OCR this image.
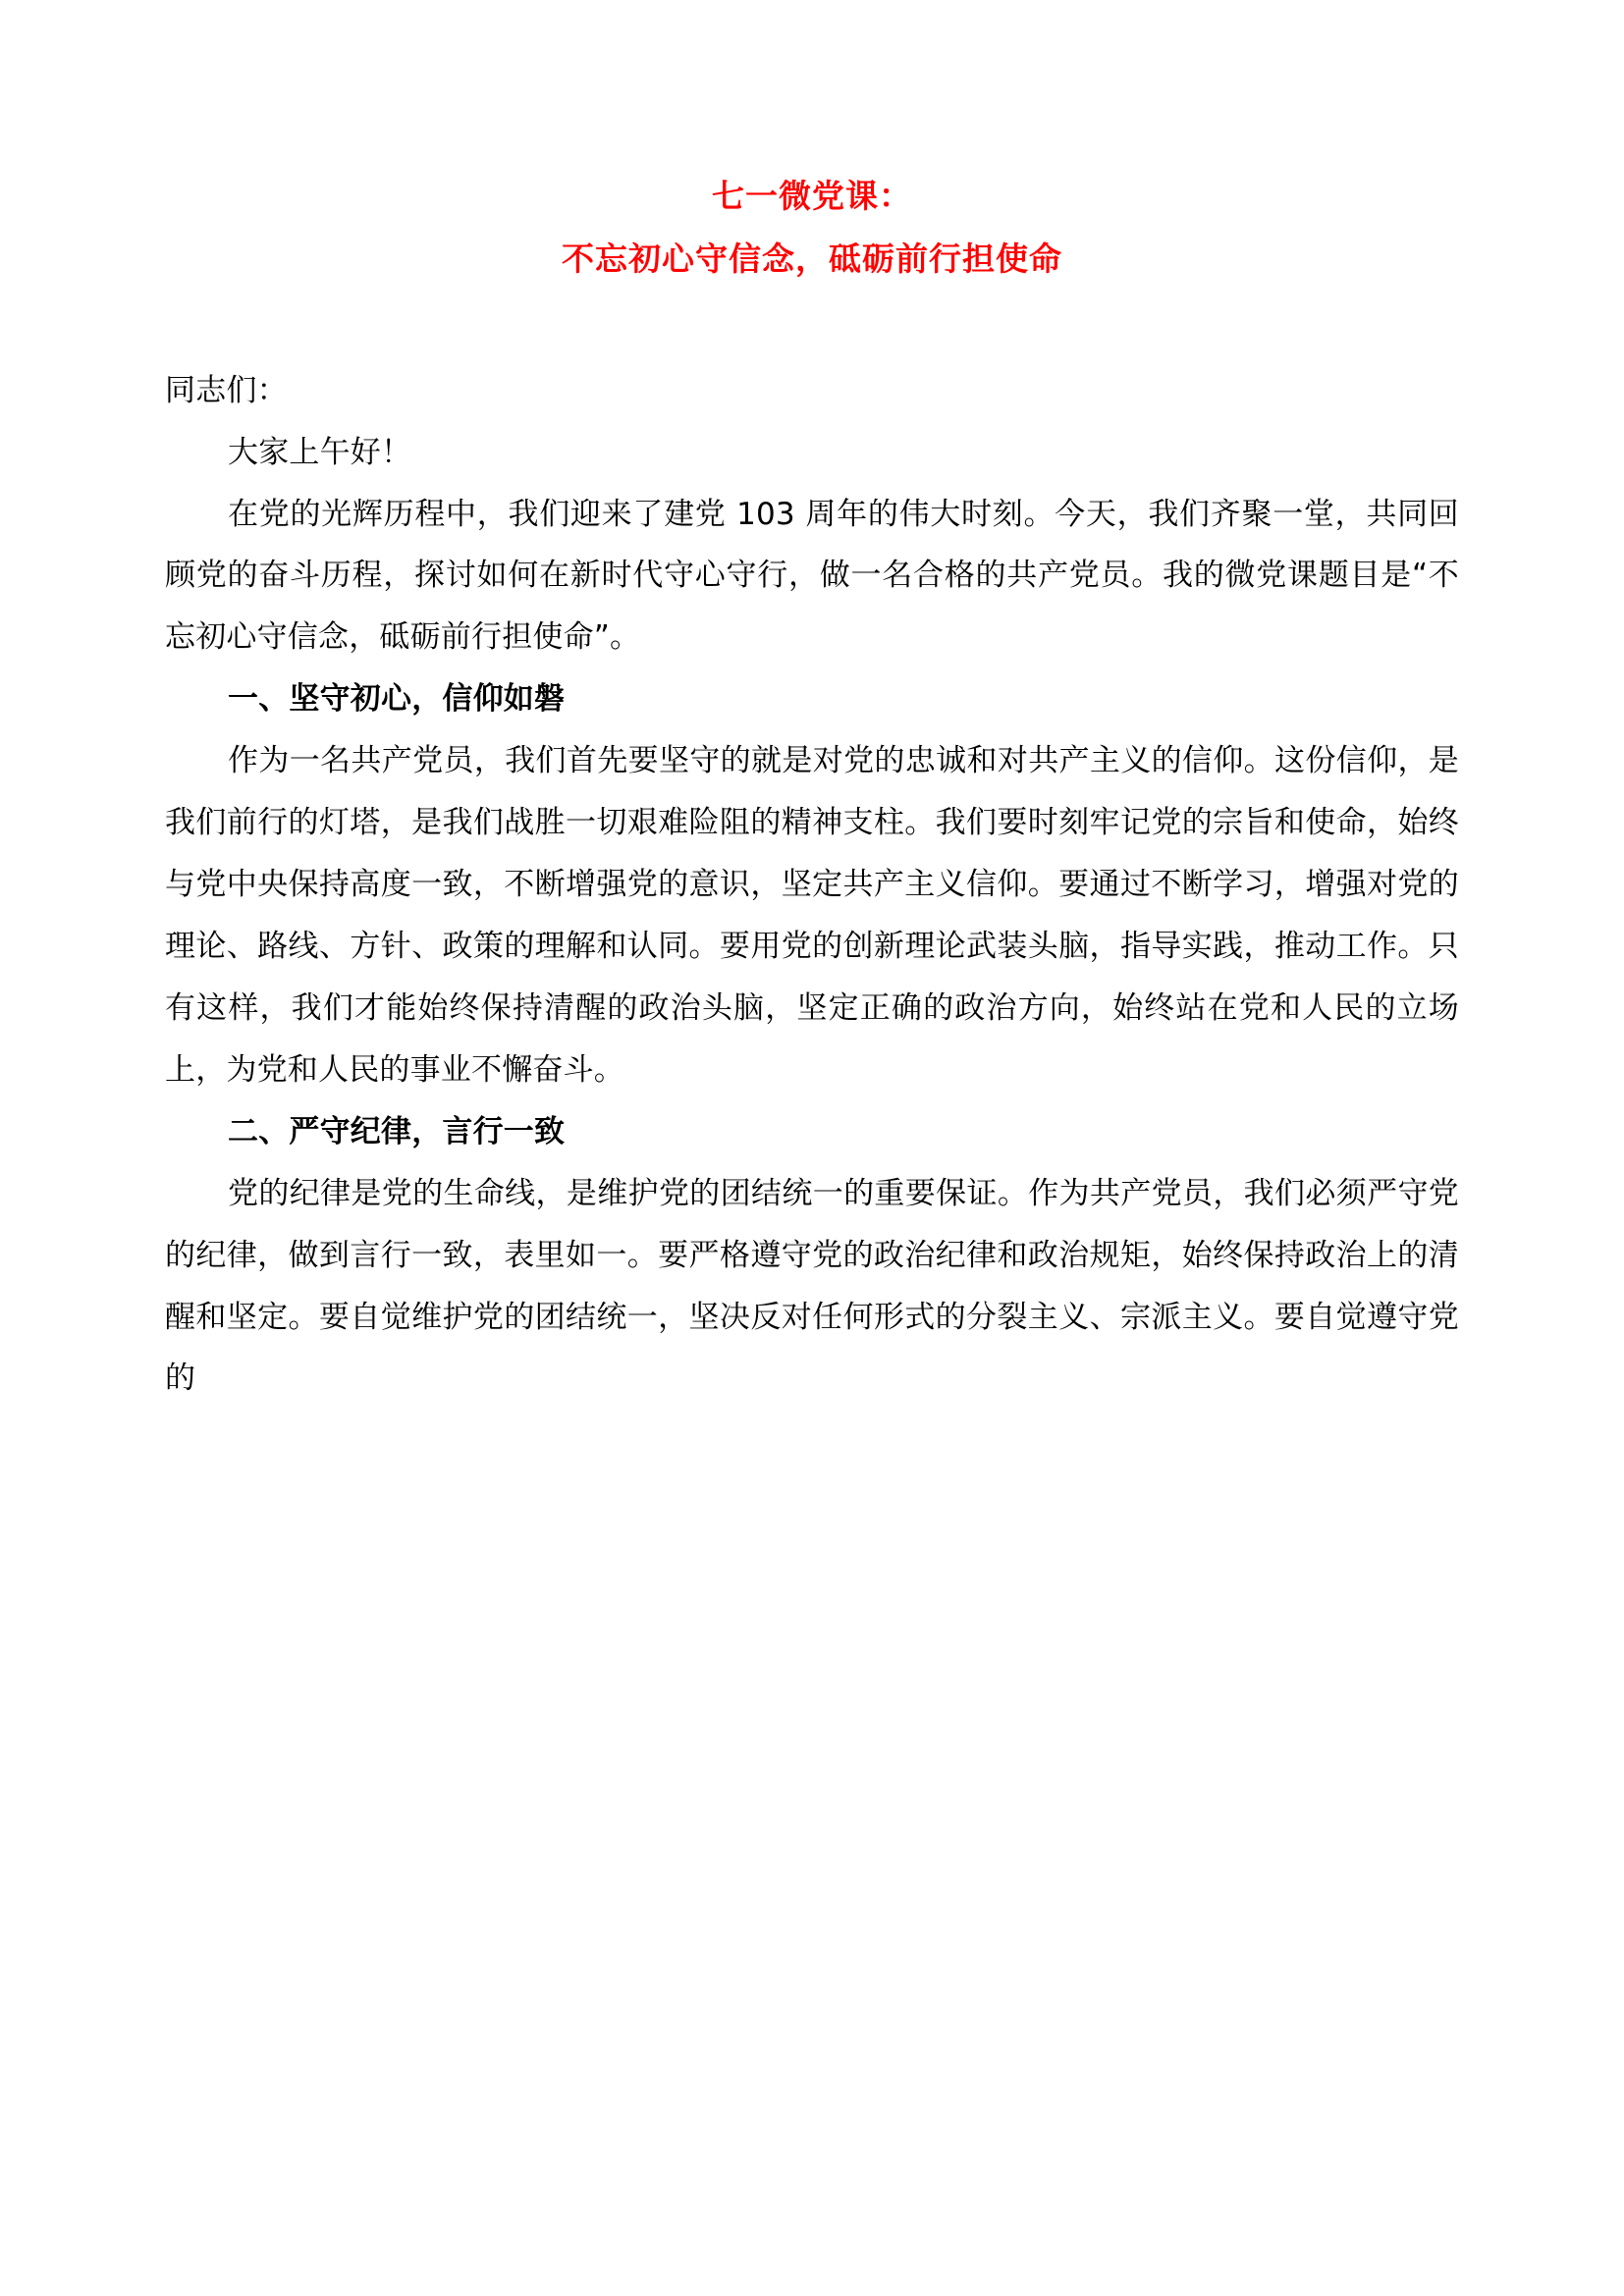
七一微党课：
不忘初心守信念，砥砺前行担使命

同志们：

大家上午好！

在党的光辉历程中，我们迎来了建党 103 周年的伟大时刻。今天，我们齐聚一堂，共同回顾党的奋斗历程，探讨如何在新时代守心守行，做一名合格的共产党员。我的微党课题目是“不忘初心守信念，砥砺前行担使命”。

一、坚守初心，信仰如磐

作为一名共产党员，我们首先要坚守的就是对党的忠诚和对共产主义的信仰。这份信仰，是我们前行的灯塔，是我们战胜一切艰难险阻的精神支柱。我们要时刻牢记党的宗旨和使命，始终与党中央保持高度一致，不断增强党的意识，坚定共产主义信仰。要通过不断学习，增强对党的理论、路线、方针、政策的理解和认同。要用党的创新理论武装头脑，指导实践，推动工作。只有这样，我们才能始终保持清醒的政治头脑，坚定正确的政治方向，始终站在党和人民的立场上，为党和人民的事业不懈奋斗。

二、严守纪律，言行一致

党的纪律是党的生命线，是维护党的团结统一的重要保证。作为共产党员，我们必须严守党的纪律，做到言行一致，表里如一。要严格遵守党的政治纪律和政治规矩，始终保持政治上的清醒和坚定。要自觉维护党的团结统一，坚决反对任何形式的分裂主义、宗派主义。要自觉遵守党的
